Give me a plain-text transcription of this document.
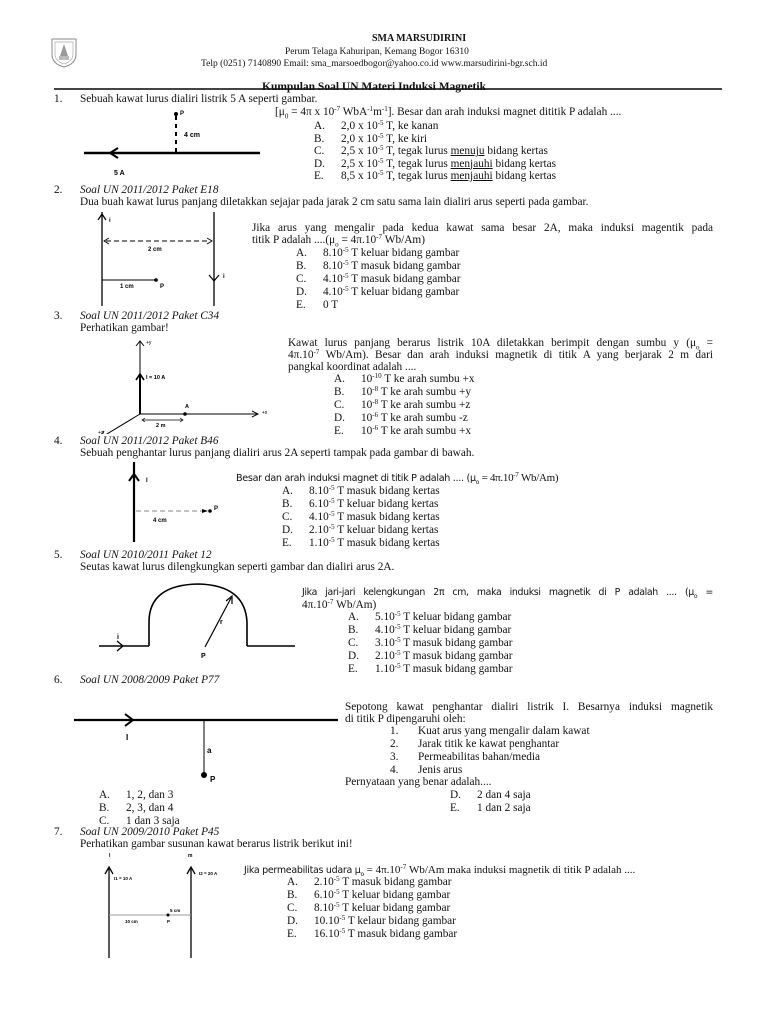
SMA MARSUDIRINI
Perum Telaga Kahuripan, Kemang Bogor 16310
Telp (0251) 7140890 Email: sma_marsoedbogor@yahoo.co.id www.marsudirini-bgr.sch.id
Kumpulan Soal UN Materi Induksi Magnetik
1. Sebuah kawat lurus dialiri listrik 5 A seperti gambar.
P
4 cm
5 A
[$\mu_0 = 4\pi$ x $10^{-7}$ $WbA^{-1}m^{-1}$]. Besar dan arah induksi magnet dititik P adalah ....
A. 2,0 x $10^{-5}$ T, ke kanan
B. 2,0 x $10^{-5}$ T, ke kiri
C. 2,5 x $10^{-5}$ T, tegak lurus menuju bidang kertas
D. 2,5 x $10^{-5}$ T, tegak lurus menjauhi bidang kertas
E. 8,5 x $10^{-5}$ T, tegak lurus menjauhi bidang kertas
2. Soal UN 2011/2012 Paket E18
Dua buah kawat lurus panjang diletakkan sejajar pada jarak 2 cm satu sama lain dialiri arus seperti pada gambar.
i
i
2 cm
1 cm	P
Jika arus yang mengalir pada kedua kawat sama besar 2A, maka induksi magentik pada
titik P adalah $....(\mu_o = 4\pi.10^{-7}$ Wb/Am)
A. $8.10^{-5}$ T keluar bidang gambar
B. $8.10^{-5}$ T masuk bidang gambar
C. $4.10^{-5}$ T masuk bidang gambar
D. $4.10^{-5}$ T keluar bidang gambar
E. 0 T
3. Soal UN 2011/2012 Paket C34
Perhatikan gambar!
+y
I = 10 A
+x
+z
A
2 m
Kawat lurus panjang berarus listrik 10A diletakkan berimpit dengan sumbu y ($\mu_o$ =
$4\pi.10^{-7}$ Wb/Am). Besar dan arah induksi magnetik di titik A yang berjarak 2 m dari
pangkal koordinat adalah ....
A. $10^{-10}$ T ke arah sumbu +x
B. $10^{-8}$ T ke arah sumbu +y
C. $10^{-8}$ T ke arah sumbu +z
D. $10^{-6}$ T ke arah sumbu -z
E. $10^{-6}$ T ke arah sumbu +x
4. Soal UN 2011/2012 Paket B46
Sebuah penghantar lurus panjang dialiri arus 2A seperti tampak pada gambar di bawah.
I
P
4 cm
Besar dan arah induksi magnet di titik P adalah .... ($\mu_o = 4\pi.10^{-7}$ Wb/Am)
A. $8.10^{-5}$ T masuk bidang kertas
B. $6.10^{-5}$ T keluar bidang kertas
C. $4.10^{-5}$ T masuk bidang kertas
D. $2.10^{-5}$ T keluar bidang kertas
E. $1.10^{-5}$ T masuk bidang kertas
5. Soal UN 2010/2011 Paket 12
Seutas kawat lurus dilengkungkan seperti gambar dan dialiri arus 2A.
i
r
P
Jika jari-jari kelengkungan 2π cm, maka induksi magnetik di P adalah .... ($\mu_o$ =
$4\pi.10^{-7}$ Wb/Am)
A. $5.10^{-5}$ T keluar bidang gambar
B. $4.10^{-5}$ T keluar bidang gambar
C. $3.10^{-5}$ T masuk bidang gambar
D. $2.10^{-5}$ T masuk bidang gambar
E. $1.10^{-5}$ T masuk bidang gambar
6. Soal UN 2008/2009 Paket P77
I
a
P
Sepotong kawat penghantar dialiri listrik I. Besarnya induksi magnetik
di titik P dipengaruhi oleh:
1. Kuat arus yang mengalir dalam kawat
2. Jarak titik ke kawat penghantar
3. Permeabilitas bahan/media
4. Jenis arus
Pernyataan yang benar adalah....
A. 1, 2, dan 3
B. 2, 3, dan 4
C. 1 dan 3 saja
D. 2 dan 4 saja
E. 1 dan 2 saja
7. Soal UN 2009/2010 Paket P45
Perhatikan gambar susunan kawat berarus listrik berikut ini!
I	m
I1 = 10 A
I2 = 20 A
10 cm
5 cm
P
Jika permeabilitas udara $\mu_o = 4\pi.10^{-7}$ Wb/Am maka induksi magnetik di titik P adalah ....
A. $2.10^{-5}$ T masuk bidang gambar
B. $6.10^{-5}$ T keluar bidang gambar
C. $8.10^{-5}$ T keluar bidang gambar
D. $10.10^{-5}$ T kelaur bidang gambar
E. $16.10^{-5}$ T masuk bidang gambar
